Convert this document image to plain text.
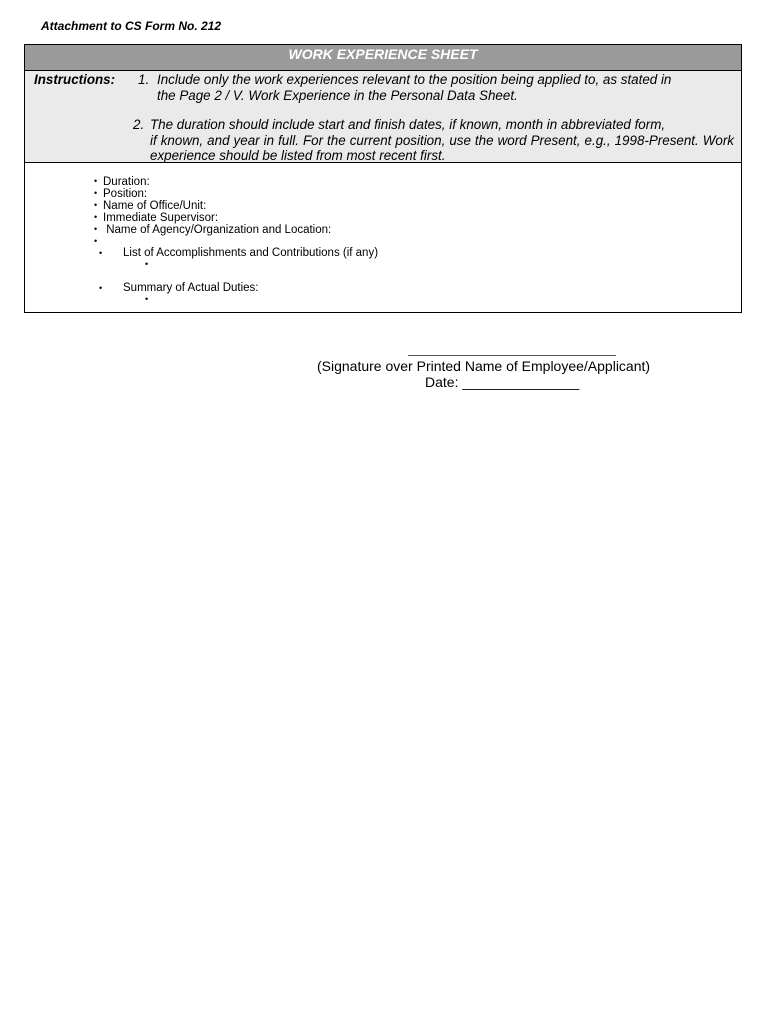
Attachment to CS Form No. 212
WORK EXPERIENCE SHEET
Instructions: 1. Include only the work experiences relevant to the position being applied to, as stated in
the Page 2 / V. Work Experience in the Personal Data Sheet.
2. The duration should include start and finish dates, if known, month in abbreviated form,
if known, and year in full. For the current position, use the word Present, e.g., 1998-Present. Work experience should be listed from most recent first.
• Duration:
• Position:
• Name of Office/Unit:
• Immediate Supervisor:
• Name of Agency/Organization and Location:
•
• List of Accomplishments and Contributions (if any)
•
• Summary of Actual Duties:
•
(Signature over Printed Name of Employee/Applicant)
Date: _______________
